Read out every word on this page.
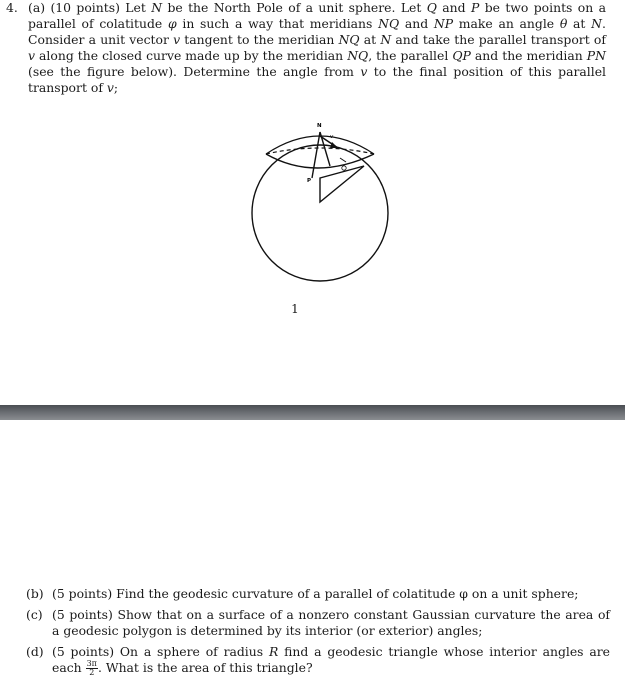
4. (a) (10 points) Let N be the North Pole of a unit sphere. Let Q and P be two points on a parallel of colatitude φ in such a way that meridians NQ and NP make an angle θ at N. Consider a unit vector v tangent to the meridian NQ at N and take the parallel transport of v along the closed curve made up by the meridian NQ, the parallel QP and the meridian PN (see the figure below). Determine the angle from v to the final position of this parallel transport of v;
N
P
v
1
(b) (5 points) Find the geodesic curvature of a parallel of colatitude φ on a unit sphere;
(c) (5 points) Show that on a surface of a nonzero constant Gaussian curvature the area of a geodesic polygon is determined by its interior (or exterior) angles;
(d) (5 points) On a sphere of radius R find a geodesic triangle whose interior angles are each $\frac{3\pi}{2}$ . What is the area of this triangle?
